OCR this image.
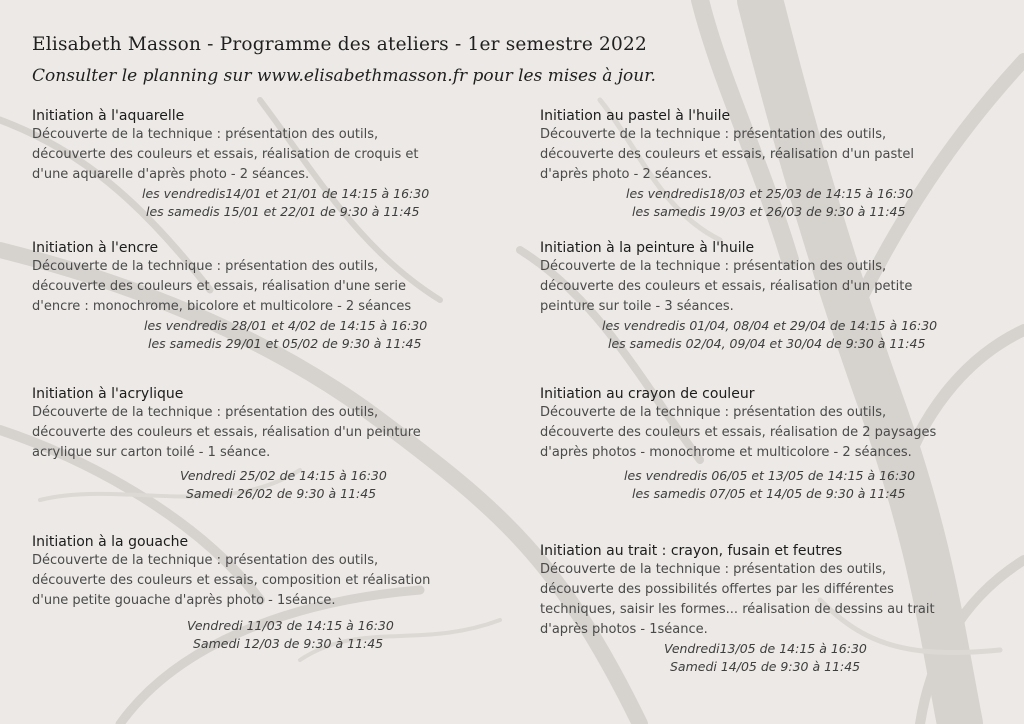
Elisabeth Masson - Programme des ateliers - 1er semestre 2022

Consulter le planning sur www.elisabethmasson.fr pour les mises à jour.

Initiation à l'aquarelle

Découverte de la technique : présentation des outils, découverte des couleurs et essais, réalisation de croquis et d'une aquarelle d'après photo - 2 séances.

les vendredis14/01 et 21/01 de 14:15 à 16:30
les samedis 15/01 et 22/01 de 9:30 à 11:45

Initiation à l'encre

Découverte de la technique : présentation des outils, découverte des couleurs et essais, réalisation d'une serie d'encre : monochrome, bicolore et multicolore - 2 séances

les vendredis 28/01 et 4/02 de 14:15 à 16:30
les samedis 29/01 et 05/02 de 9:30 à 11:45

Initiation à l'acrylique

Découverte de la technique : présentation des outils, découverte des couleurs et essais, réalisation d'un peinture acrylique sur carton toilé - 1 séance.

Vendredi 25/02 de 14:15 à 16:30
Samedi 26/02 de 9:30 à 11:45

Initiation à la gouache

Découverte de la technique : présentation des outils, découverte des couleurs et essais, composition et réalisation d'une petite gouache d'après photo - 1séance.

Vendredi 11/03 de 14:15 à 16:30
Samedi 12/03 de 9:30 à 11:45

Initiation au pastel à l'huile

Découverte de la technique : présentation des outils, découverte des couleurs et essais, réalisation d'un pastel d'après photo - 2 séances.

les vendredis18/03 et 25/03 de 14:15 à 16:30
les samedis 19/03 et 26/03 de 9:30 à 11:45

Initiation à la peinture à l'huile

Découverte de la technique : présentation des outils, découverte des couleurs et essais, réalisation d'un petite peinture sur toile - 3 séances.

les vendredis 01/04, 08/04 et 29/04 de 14:15 à 16:30
les samedis 02/04, 09/04 et 30/04 de 9:30 à 11:45

Initiation au crayon de couleur

Découverte de la technique : présentation des outils, découverte des couleurs et essais, réalisation de 2 paysages d'après photos - monochrome et multicolore - 2 séances.

les vendredis 06/05 et 13/05 de 14:15 à 16:30
les samedis 07/05 et 14/05 de 9:30 à 11:45

Initiation au trait : crayon, fusain et feutres

Découverte de la technique : présentation des outils, découverte des possibilités offertes par les différentes techniques, saisir les formes... réalisation de dessins au trait d'après photos - 1séance.

Vendredi13/05 de 14:15 à 16:30
Samedi 14/05 de 9:30 à 11:45
